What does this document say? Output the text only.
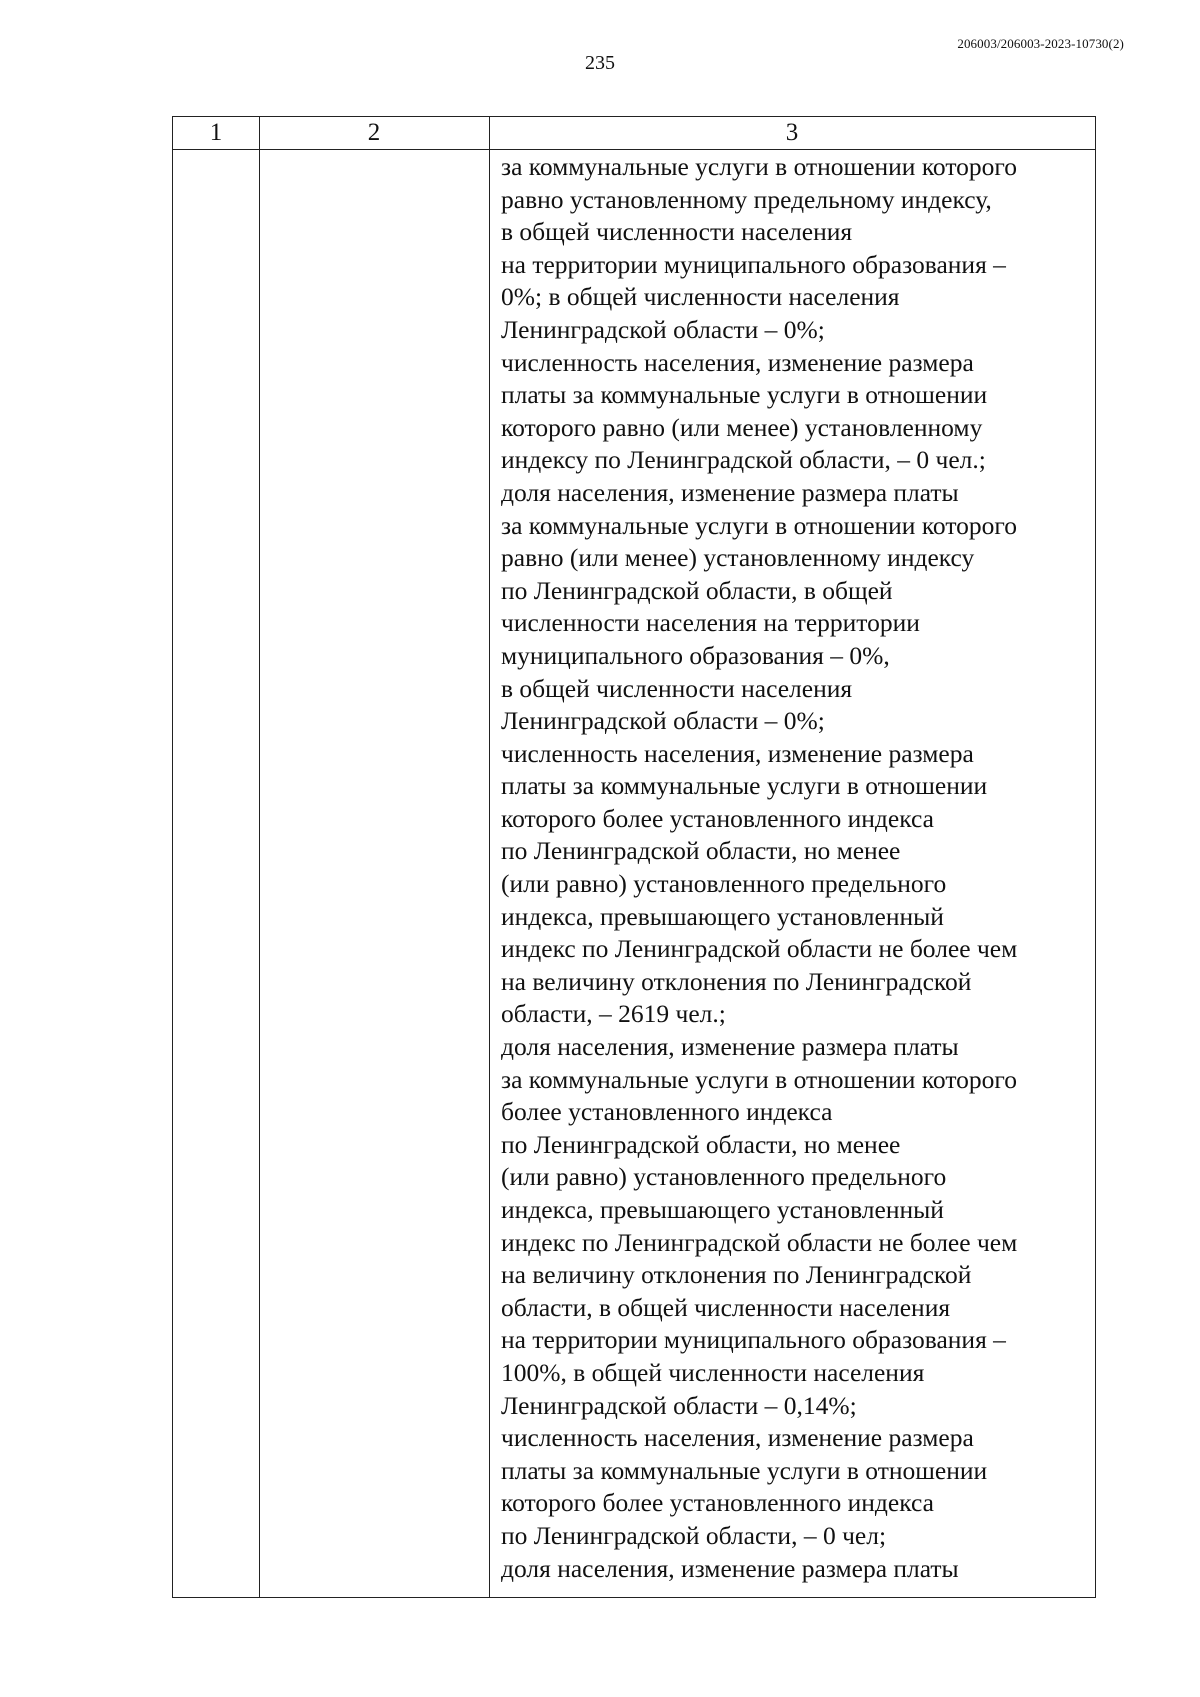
206003/206003-2023-10730(2)
235
1	2	3
за коммунальные услуги в отношении которого
равно установленному предельному индексу,
в общей численности населения
на территории муниципального образования –
0%; в общей численности населения
Ленинградской области – 0%;
численность населения, изменение размера
платы за коммунальные услуги в отношении
которого равно (или менее) установленному
индексу по Ленинградской области, – 0 чел.;
доля населения, изменение размера платы
за коммунальные услуги в отношении которого
равно (или менее) установленному индексу
по Ленинградской области, в общей
численности населения на территории
муниципального образования – 0%,
в общей численности населения
Ленинградской области – 0%;
численность населения, изменение размера
платы за коммунальные услуги в отношении
которого более установленного индекса
по Ленинградской области, но менее
(или равно) установленного предельного
индекса, превышающего установленный
индекс по Ленинградской области не более чем
на величину отклонения по Ленинградской
области, – 2619 чел.;
доля населения, изменение размера платы
за коммунальные услуги в отношении которого
более установленного индекса
по Ленинградской области, но менее
(или равно) установленного предельного
индекса, превышающего установленный
индекс по Ленинградской области не более чем
на величину отклонения по Ленинградской
области, в общей численности населения
на территории муниципального образования –
100%, в общей численности населения
Ленинградской области – 0,14%;
численность населения, изменение размера
платы за коммунальные услуги в отношении
которого более установленного индекса
по Ленинградской области, – 0 чел;
доля населения, изменение размера платы
